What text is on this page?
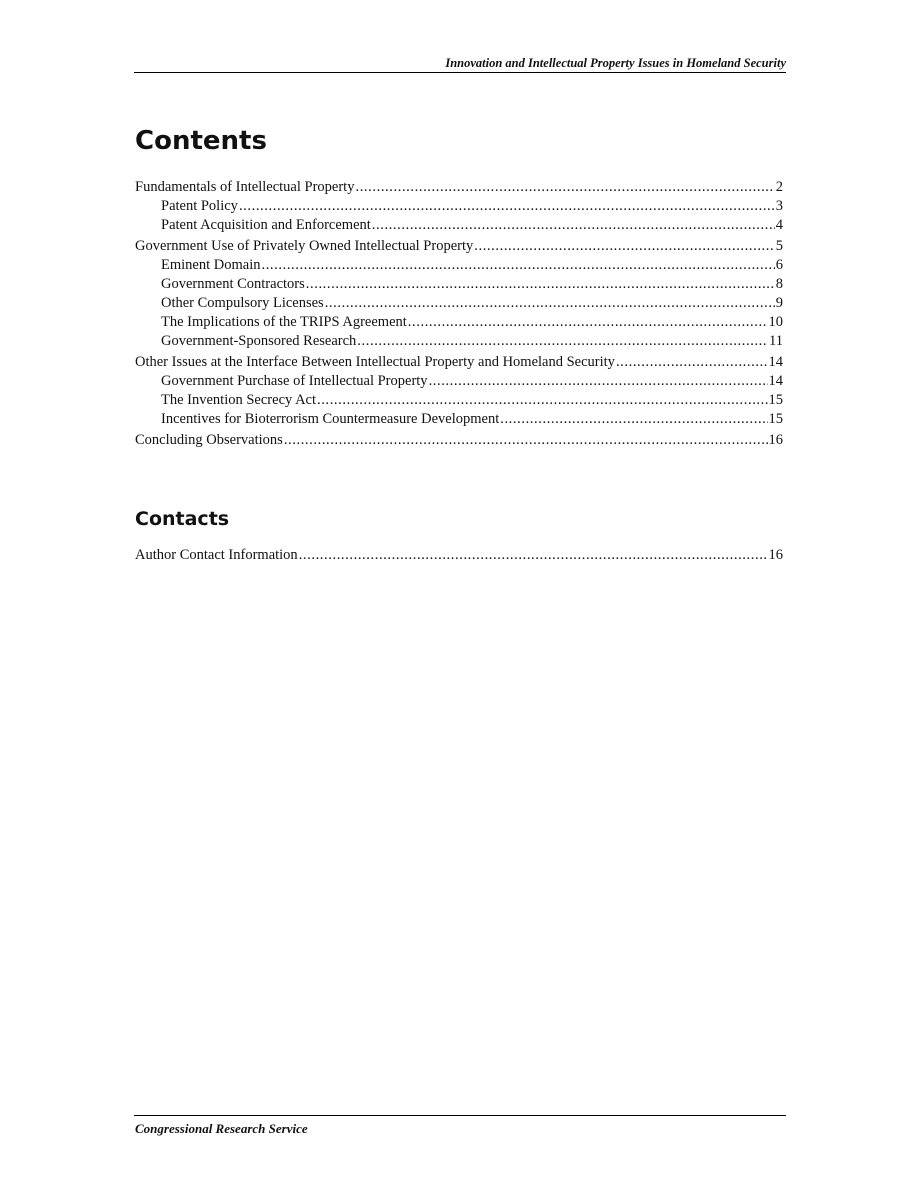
Innovation and Intellectual Property Issues in Homeland Security
Contents
Fundamentals of Intellectual Property .....	2
Patent Policy .....	3
Patent Acquisition and Enforcement .....	4
Government Use of Privately Owned Intellectual Property .....	5
Eminent Domain .....	6
Government Contractors .....	8
Other Compulsory Licenses .....	9
The Implications of the TRIPS Agreement .....	10
Government-Sponsored Research .....	11
Other Issues at the Interface Between Intellectual Property and Homeland Security .....	14
Government Purchase of Intellectual Property .....	14
The Invention Secrecy Act .....	15
Incentives for Bioterrorism Countermeasure Development .....	15
Concluding Observations .....	16
Contacts
Author Contact Information .....	16
Congressional Research Service
